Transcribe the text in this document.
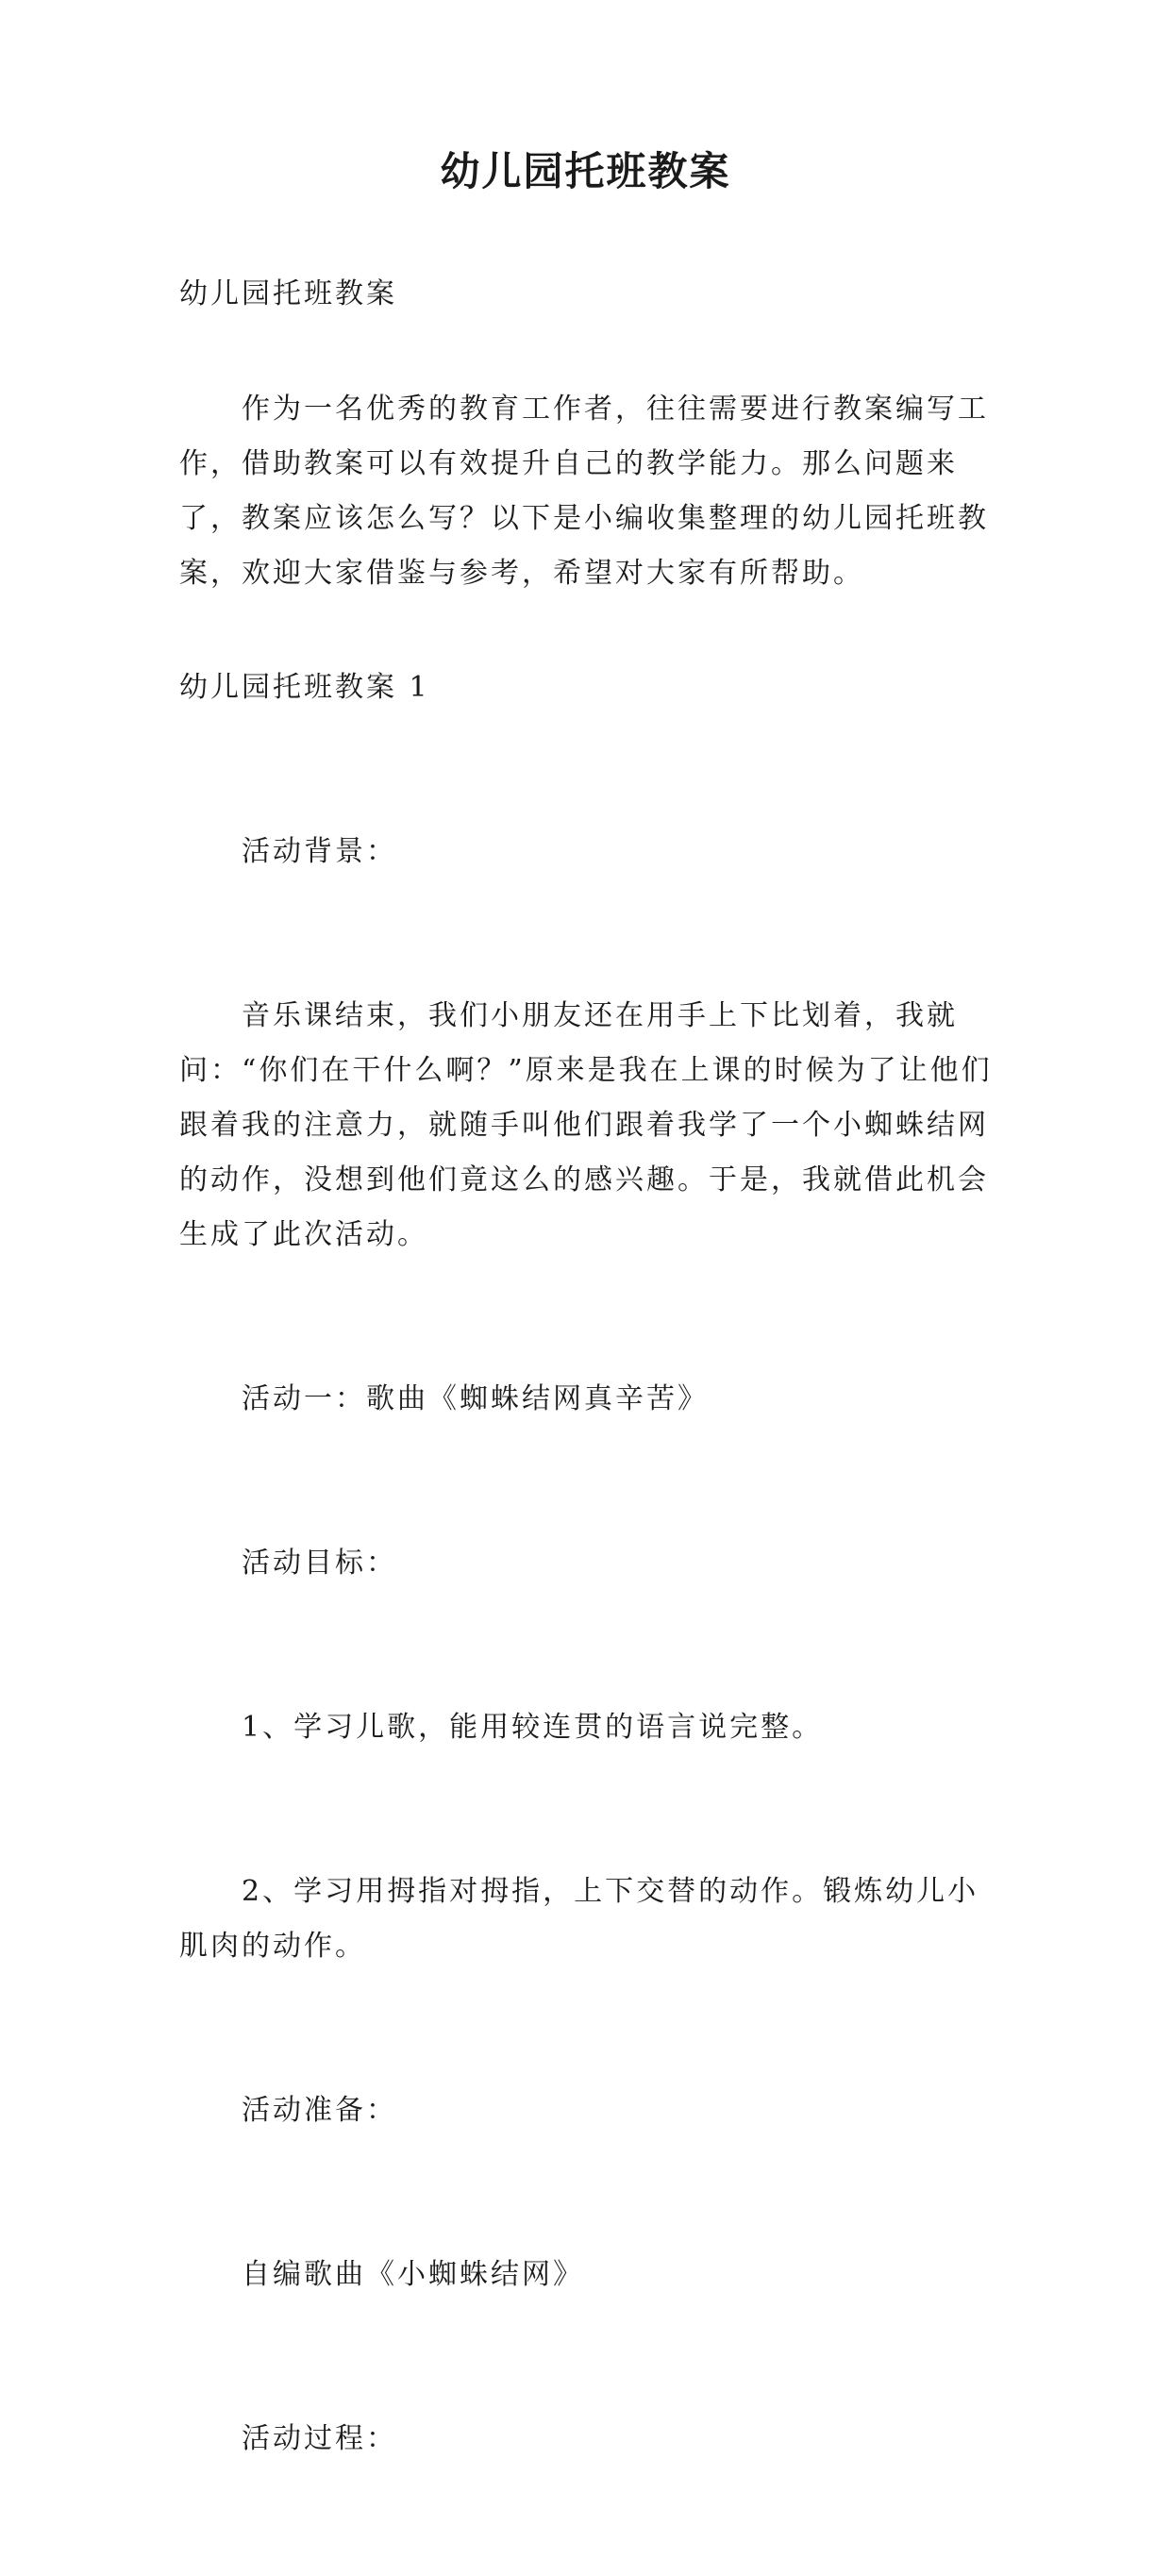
幼儿园托班教案

幼儿园托班教案

作为一名优秀的教育工作者，往往需要进行教案编写工作，借助教案可以有效提升自己的教学能力。那么问题来了，教案应该怎么写？以下是小编收集整理的幼儿园托班教案，欢迎大家借鉴与参考，希望对大家有所帮助。

幼儿园托班教案 1

活动背景：

音乐课结束，我们小朋友还在用手上下比划着，我就问：“你们在干什么啊？”原来是我在上课的时候为了让他们跟着我的注意力，就随手叫他们跟着我学了一个小蜘蛛结网的动作，没想到他们竟这么的感兴趣。于是，我就借此机会生成了此次活动。

活动一：歌曲《蜘蛛结网真辛苦》

活动目标：

1、学习儿歌，能用较连贯的语言说完整。

2、学习用拇指对拇指，上下交替的动作。锻炼幼儿小肌肉的动作。

活动准备：

自编歌曲《小蜘蛛结网》

活动过程：
